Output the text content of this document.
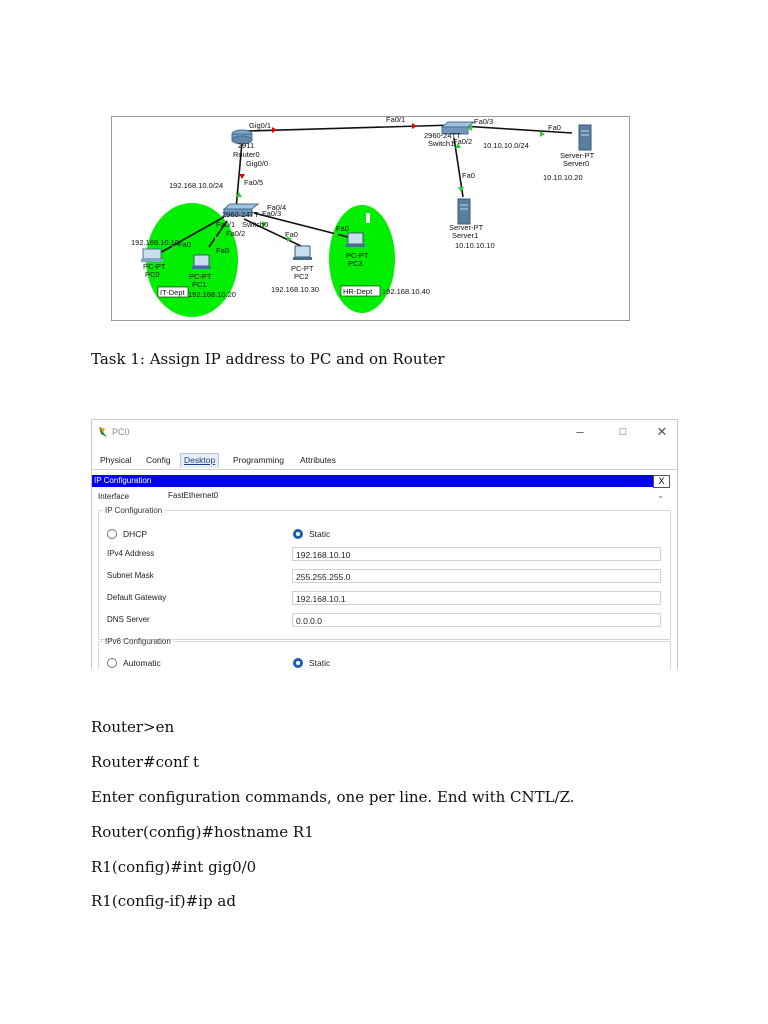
Gig0/1
2911
Router0
Gig0/0
Fa0/5
192.168.10.0/24
Fa0/4
2960-24TT Fa0/3
Fa0/1 Switch0
Fa0/2
Fa0/1	Fa0/3
2960-24TT
Switch1
Fa0/2 10.10.10.0/24
Fa0
Server-PT
Server0
10.10.10.20
Fa0
Server-PT
Server1
10.10.10.10
192.168.10.10 Fa0
PC-PT
PC0
Fa0
PC-PT
PC1
192.168.10.20
Fa0
PC-PT
PC2
192.168.10.30
Fa0
PC-PT
PC3
192.168.10.40
IT-Dept	HR-Dept
Task 1: Assign IP address to PC and on Router
PC0	–	□	✕
Physical	Config	Desktop	Programming	Attributes
IP Configuration	X
Interface	FastEthernet0	⌄
IP Configuration
DHCP	Static
IPv4 Address	192.168.10.10
Subnet Mask	255.255.255.0
Default Gateway	192.168.10.1
DNS Server	0.0.0.0
IPv6 Configuration
Automatic	Static
Router>en
Router#conf t
Enter configuration commands, one per line. End with CNTL/Z.
Router(config)#hostname R1
R1(config)#int gig0/0
R1(config-if)#ip ad
